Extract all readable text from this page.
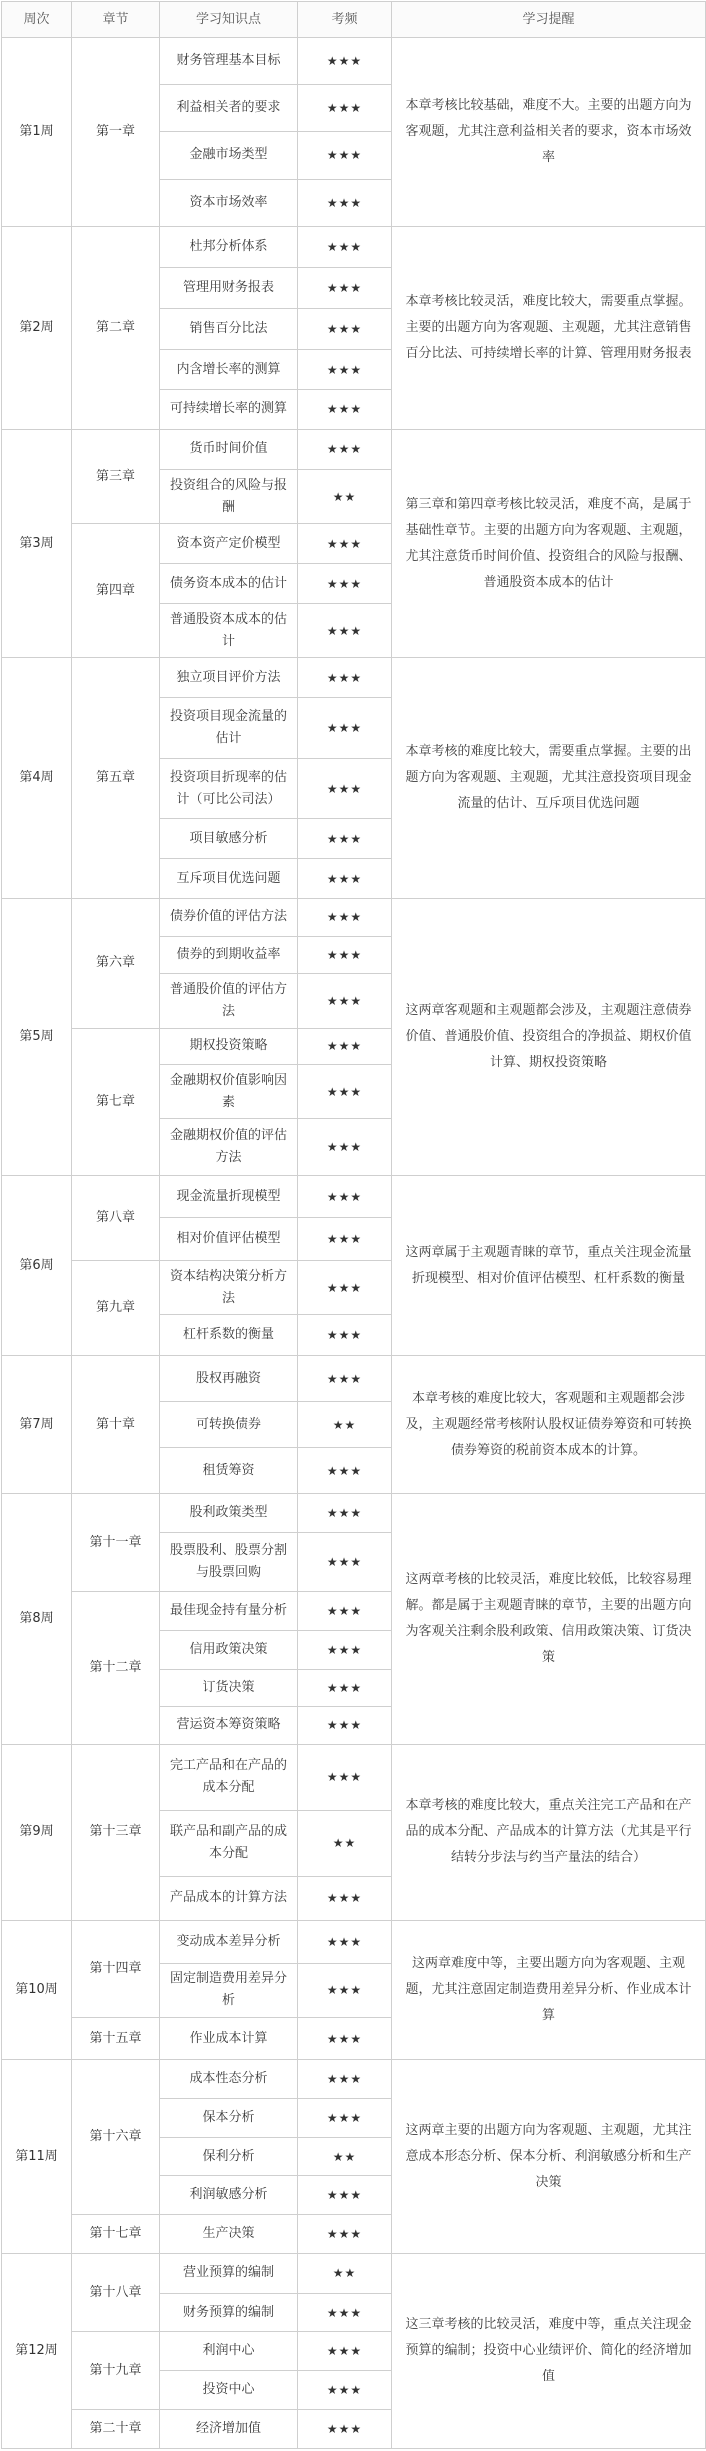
周次	章节	学习知识点	考频	学习提醒
第1周	第一章	财务管理基本目标	★★★	本章考核比较基础，难度不大。主要的出题方向为客观题，尤其注意利益相关者的要求，资本市场效率
		利益相关者的要求	★★★	
		金融市场类型	★★★	
		资本市场效率	★★★	
第2周	第二章	杜邦分析体系	★★★	本章考核比较灵活，难度比较大，需要重点掌握。主要的出题方向为客观题、主观题，尤其注意销售百分比法、可持续增长率的计算、管理用财务报表
		管理用财务报表	★★★	
		销售百分比法	★★★	
		内含增长率的测算	★★★	
		可持续增长率的测算	★★★	
第3周	第三章	货币时间价值	★★★	第三章和第四章考核比较灵活，难度不高，是属于基础性章节。主要的出题方向为客观题、主观题，尤其注意货币时间价值、投资组合的风险与报酬、普通股资本成本的估计
		投资组合的风险与报酬	★★	
	第四章	资本资产定价模型	★★★	
		债务资本成本的估计	★★★	
		普通股资本成本的估计	★★★	
第4周	第五章	独立项目评价方法	★★★	本章考核的难度比较大，需要重点掌握。主要的出题方向为客观题、主观题，尤其注意投资项目现金流量的估计、互斥项目优选问题
		投资项目现金流量的估计	★★★	
		投资项目折现率的估计（可比公司法）	★★★	
		项目敏感分析	★★★	
		互斥项目优选问题	★★★	
第5周	第六章	债券价值的评估方法	★★★	这两章客观题和主观题都会涉及，主观题注意债券价值、普通股价值、投资组合的净损益、期权价值计算、期权投资策略
		债券的到期收益率	★★★	
		普通股价值的评估方法	★★★	
	第七章	期权投资策略	★★★	
		金融期权价值影响因素	★★★	
		金融期权价值的评估方法	★★★	
第6周	第八章	现金流量折现模型	★★★	这两章属于主观题青睐的章节，重点关注现金流量折现模型、相对价值评估模型、杠杆系数的衡量
		相对价值评估模型	★★★	
	第九章	资本结构决策分析方法	★★★	
		杠杆系数的衡量	★★★	
第7周	第十章	股权再融资	★★★	本章考核的难度比较大，客观题和主观题都会涉及，主观题经常考核附认股权证债券筹资和可转换债券筹资的税前资本成本的计算。
		可转换债券	★★	
		租赁筹资	★★★	
第8周	第十一章	股利政策类型	★★★	这两章考核的比较灵活，难度比较低，比较容易理解。都是属于主观题青睐的章节，主要的出题方向为客观关注剩余股利政策、信用政策决策、订货决策
		股票股利、股票分割与股票回购	★★★	
	第十二章	最佳现金持有量分析	★★★	
		信用政策决策	★★★	
		订货决策	★★★	
		营运资本筹资策略	★★★	
第9周	第十三章	完工产品和在产品的成本分配	★★★	本章考核的难度比较大，重点关注完工产品和在产品的成本分配、产品成本的计算方法（尤其是平行结转分步法与约当产量法的结合）
		联产品和副产品的成本分配	★★	
		产品成本的计算方法	★★★	
第10周	第十四章	变动成本差异分析	★★★	这两章难度中等，主要出题方向为客观题、主观题，尤其注意固定制造费用差异分析、作业成本计算
		固定制造费用差异分析	★★★	
	第十五章	作业成本计算	★★★	
第11周	第十六章	成本性态分析	★★★	这两章主要的出题方向为客观题、主观题，尤其注意成本形态分析、保本分析、利润敏感分析和生产决策
		保本分析	★★★	
		保利分析	★★	
		利润敏感分析	★★★	
	第十七章	生产决策	★★★	
第12周	第十八章	营业预算的编制	★★	这三章考核的比较灵活，难度中等，重点关注现金预算的编制；投资中心业绩评价、简化的经济增加值
		财务预算的编制	★★★	
	第十九章	利润中心	★★★	
		投资中心	★★★	
	第二十章	经济增加值	★★★	
